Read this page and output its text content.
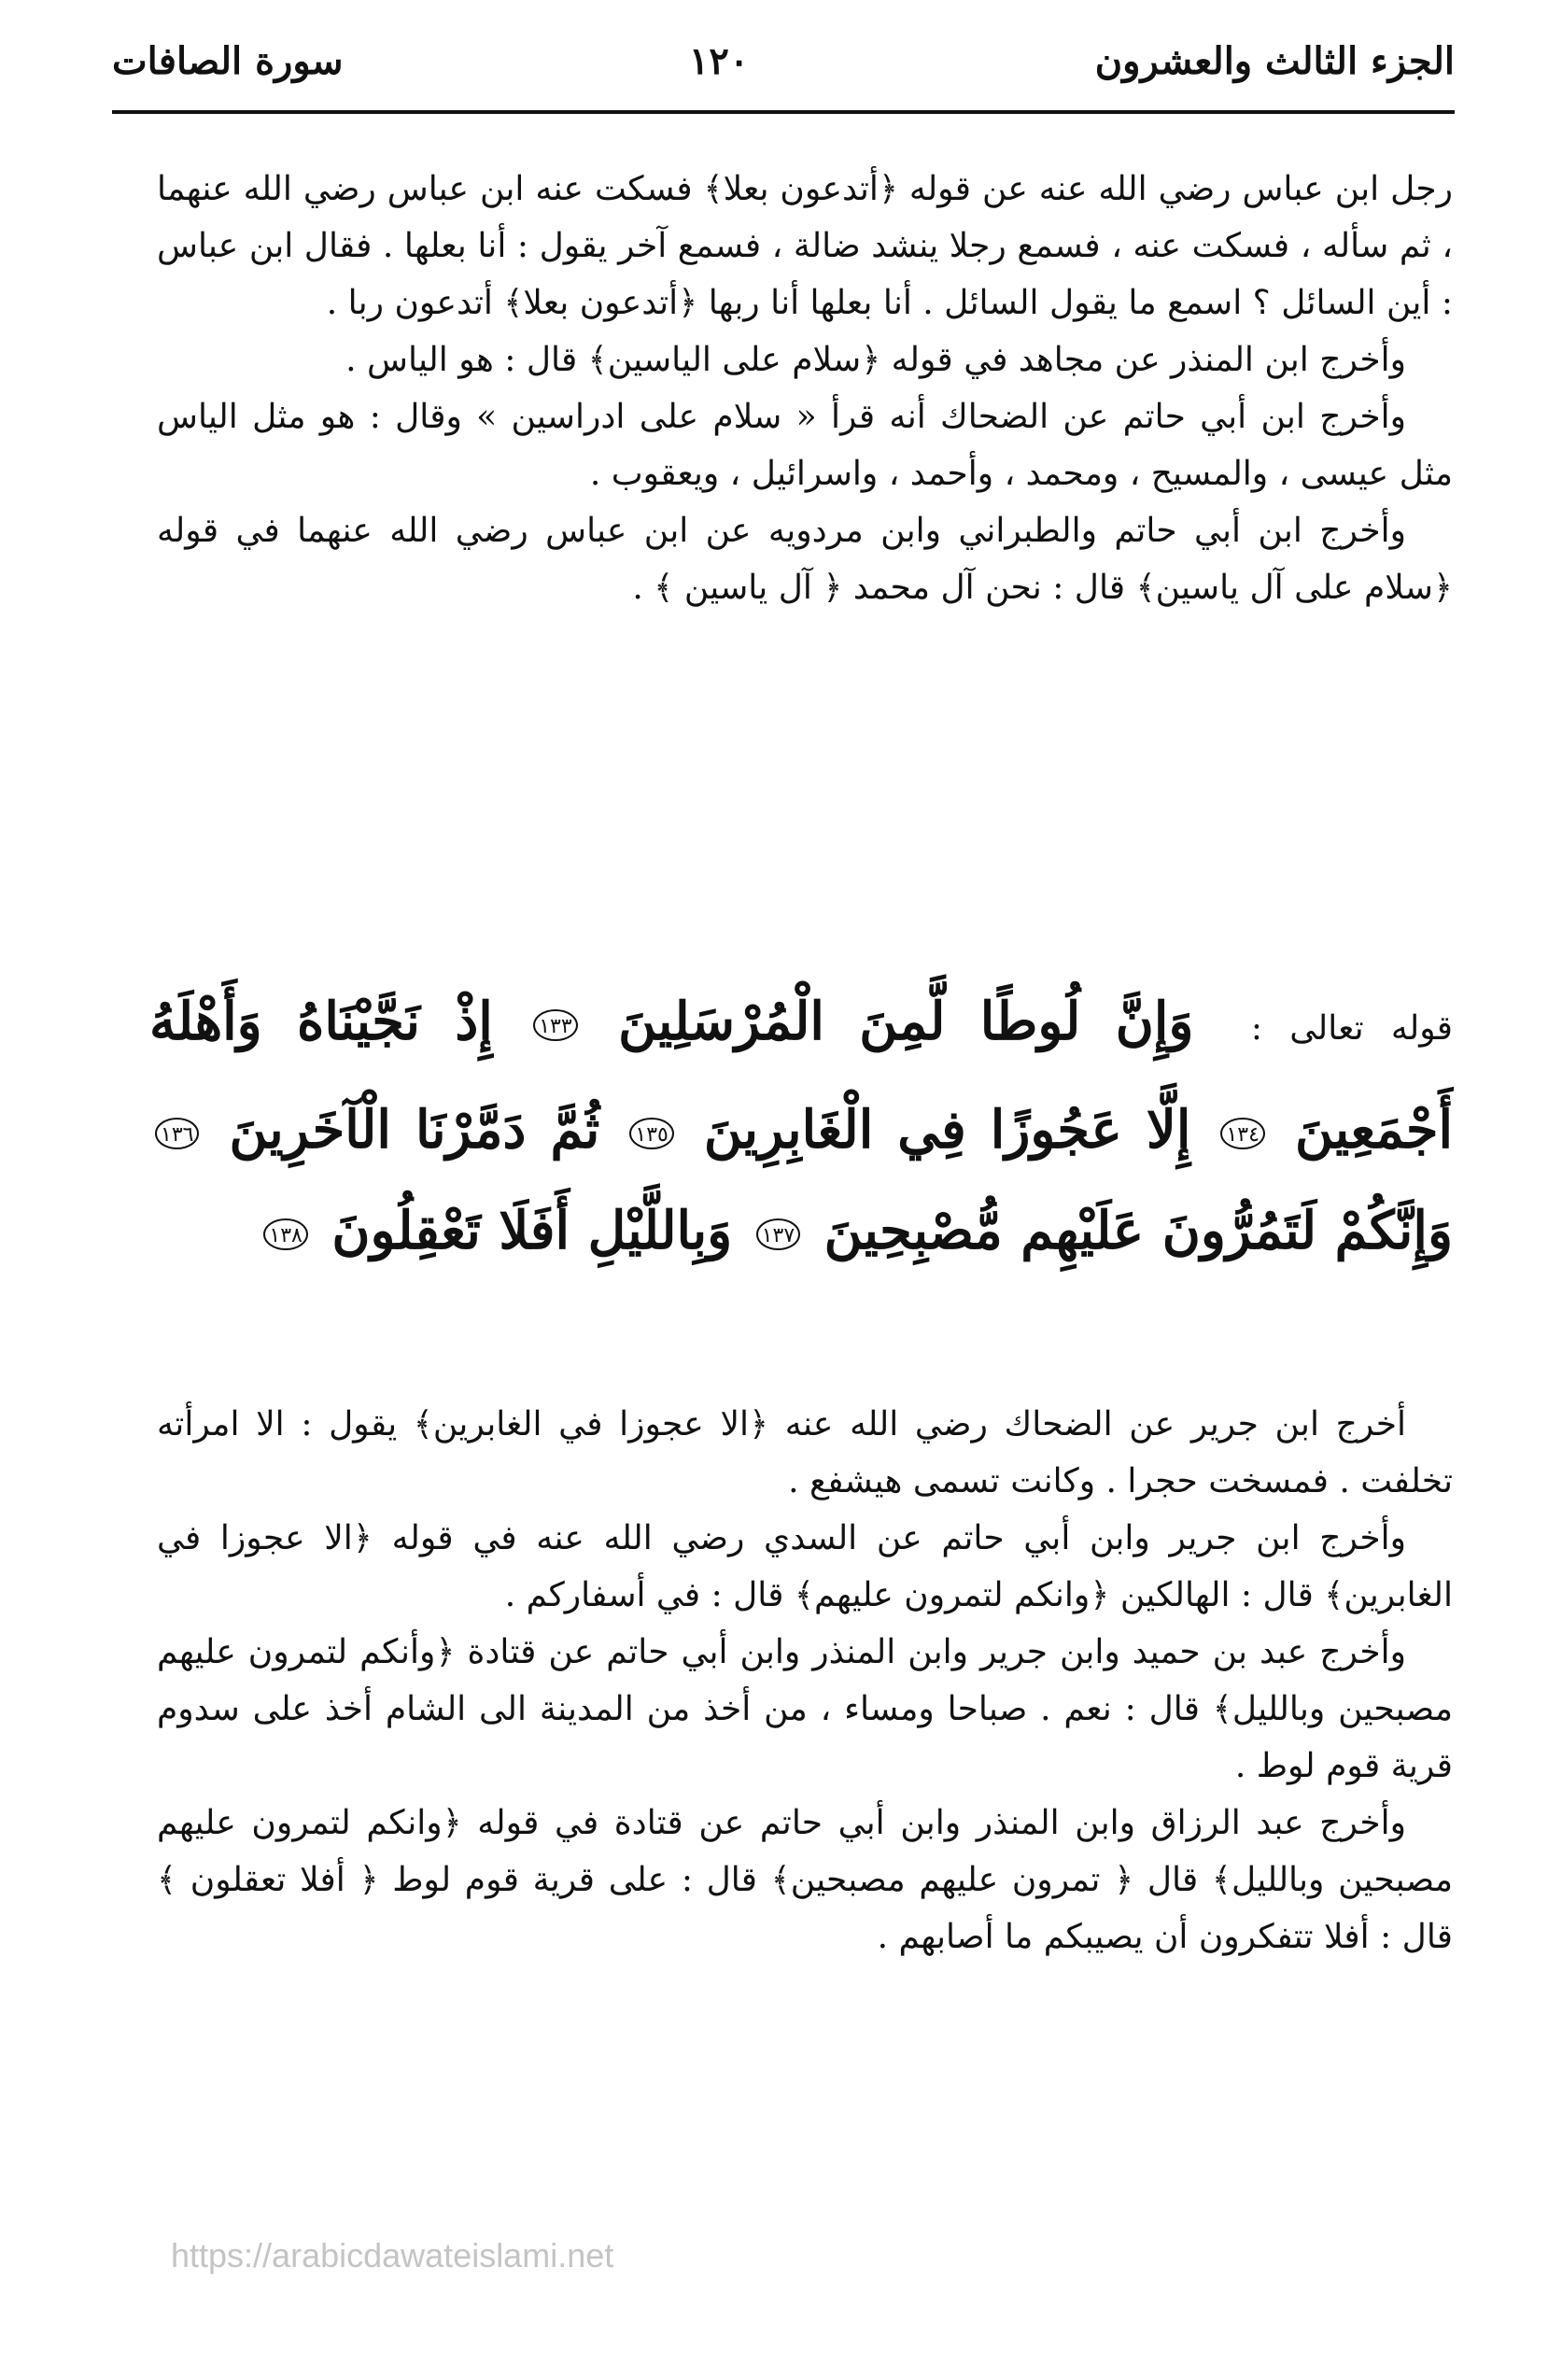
الجزء الثالث والعشرون
١٢٠
سورة الصافات

رجل ابن عباس رضي الله عنه عن قوله ﴿أتدعون بعلا﴾ فسكت عنه ابن عباس رضي الله عنهما ، ثم سأله ، فسكت عنه ، فسمع رجلا ينشد ضالة ، فسمع آخر يقول : أنا بعلها . فقال ابن عباس : أين السائل ؟ اسمع ما يقول السائل . أنا بعلها أنا ربها ﴿أتدعون بعلا﴾ أتدعون ربا .

وأخرج ابن المنذر عن مجاهد في قوله ﴿سلام على الياسين﴾ قال : هو الياس .

وأخرج ابن أبي حاتم عن الضحاك أنه قرأ « سلام على ادراسين » وقال : هو مثل الياس مثل عيسى ، والمسيح ، ومحمد ، وأحمد ، واسرائيل ، ويعقوب .

وأخرج ابن أبي حاتم والطبراني وابن مردويه عن ابن عباس رضي الله عنهما في قوله ﴿سلام على آل ياسين﴾ قال : نحن آل محمد ﴿ آل ياسين ﴾ .

قوله تعالى : وَإِنَّ لُوطًا لَّمِنَ الْمُرْسَلِينَ ١٣٣ إِذْ نَجَّيْنَاهُ وَأَهْلَهُ أَجْمَعِينَ ١٣٤ إِلَّا عَجُوزًا فِي الْغَابِرِينَ ١٣٥ ثُمَّ دَمَّرْنَا الْآخَرِينَ ١٣٦ وَإِنَّكُمْ لَتَمُرُّونَ عَلَيْهِم مُّصْبِحِينَ ١٣٧ وَبِاللَّيْلِ أَفَلَا تَعْقِلُونَ ١٣٨

أخرج ابن جرير عن الضحاك رضي الله عنه ﴿الا عجوزا في الغابرين﴾ يقول : الا امرأته تخلفت . فمسخت حجرا . وكانت تسمى هيشفع .

وأخرج ابن جرير وابن أبي حاتم عن السدي رضي الله عنه في قوله ﴿الا عجوزا في الغابرين﴾ قال : الهالكين ﴿وانكم لتمرون عليهم﴾ قال : في أسفاركم .

وأخرج عبد بن حميد وابن جرير وابن المنذر وابن أبي حاتم عن قتادة ﴿وأنكم لتمرون عليهم مصبحين وبالليل﴾ قال : نعم . صباحا ومساء ، من أخذ من المدينة الى الشام أخذ على سدوم قرية قوم لوط .

وأخرج عبد الرزاق وابن المنذر وابن أبي حاتم عن قتادة في قوله ﴿وانكم لتمرون عليهم مصبحين وبالليل﴾ قال ﴿ تمرون عليهم مصبحين﴾ قال : على قرية قوم لوط ﴿ أفلا تعقلون ﴾ قال : أفلا تتفكرون أن يصيبكم ما أصابهم .

https://arabicdawateislami.net
